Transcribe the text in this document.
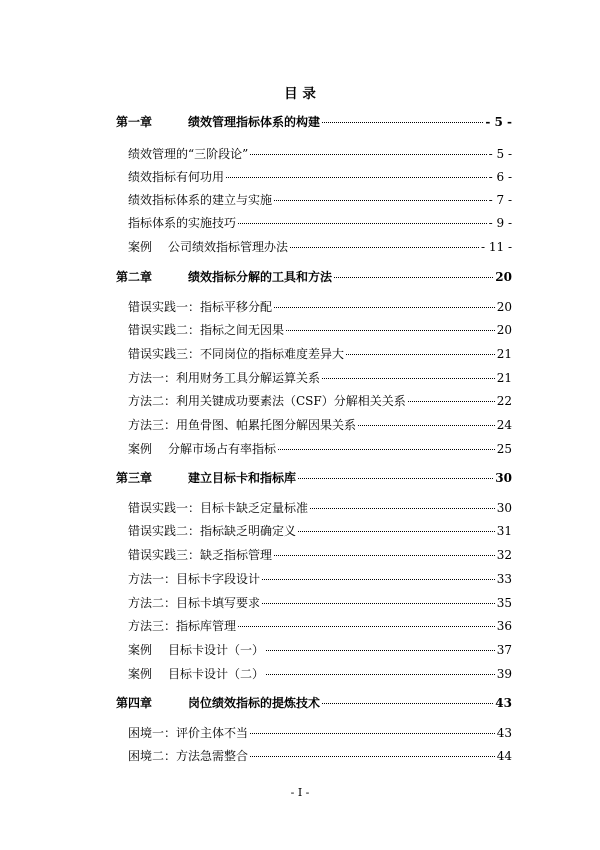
目 录
第一章	绩效管理指标体系的构建	- 5 -
绩效管理的“三阶段论”	- 5 -
绩效指标有何功用	- 6 -
绩效指标体系的建立与实施	- 7 -
指标体系的实施技巧	- 9 -
案例	公司绩效指标管理办法	- 11 -
第二章	绩效指标分解的工具和方法	20
错误实践一：指标平移分配	20
错误实践二：指标之间无因果	20
错误实践三：不同岗位的指标难度差异大	21
方法一：利用财务工具分解运算关系	21
方法二：利用关键成功要素法（CSF）分解相关关系	22
方法三：用鱼骨图、帕累托图分解因果关系	24
案例	分解市场占有率指标	25
第三章	建立目标卡和指标库	30
错误实践一：目标卡缺乏定量标准	30
错误实践二：指标缺乏明确定义	31
错误实践三：缺乏指标管理	32
方法一：目标卡字段设计	33
方法二：目标卡填写要求	35
方法三：指标库管理	36
案例	目标卡设计（一）	37
案例	目标卡设计（二）	39
第四章	岗位绩效指标的提炼技术	43
困境一：评价主体不当	43
困境二：方法急需整合	44
- I -
